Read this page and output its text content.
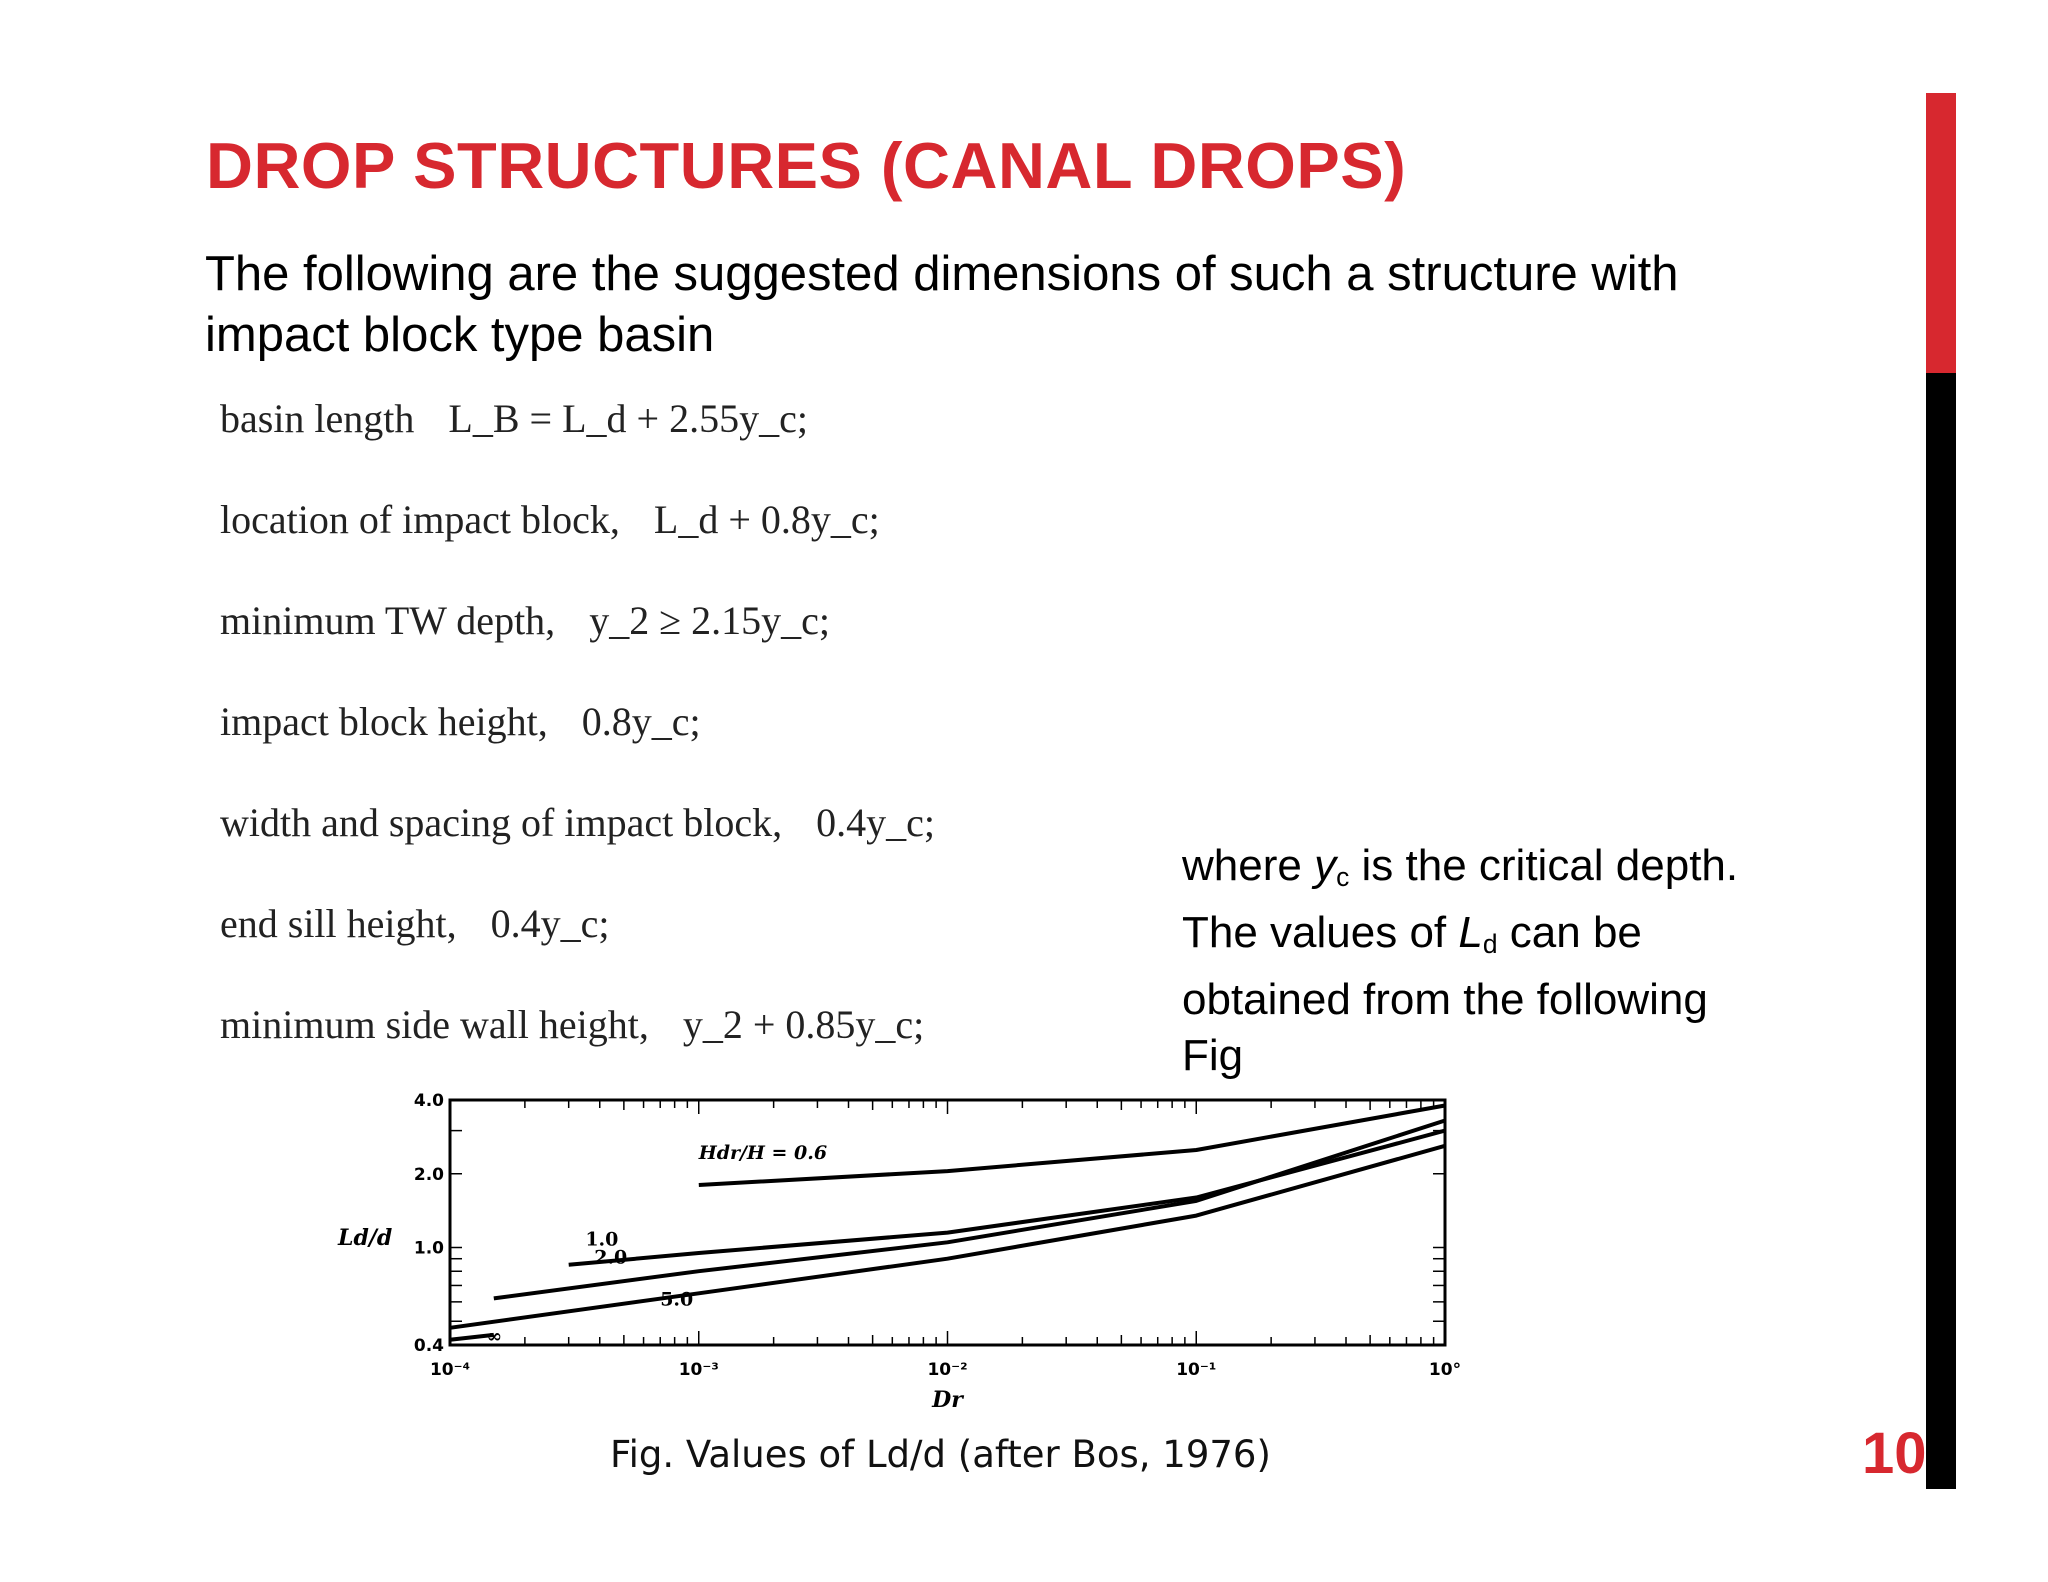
DROP STRUCTURES (CANAL DROPS)
The following are the suggested dimensions of such a structure with impact block type basin
basin length L_B = L_d + 2.55y_c;
location of impact block, L_d + 0.8y_c;
minimum TW depth, y_2 ≥ 2.15y_c;
impact block height, 0.8y_c;
width and spacing of impact block, 0.4y_c;
end sill height, 0.4y_c;
minimum side wall height, y_2 + 0.85y_c;
where $y_c$ is the critical depth.
The values of $L_d$ can be
obtained from the following
Fig
4.0
2.0
1.0
0.4
10⁻⁴	10⁻³	10⁻²	10⁻¹	10°
Ld/d
Dr
Hdr/H = 0.6
1.0
2.0
5.0
∞
Fig. Values of Ld/d (after Bos, 1976)	10
